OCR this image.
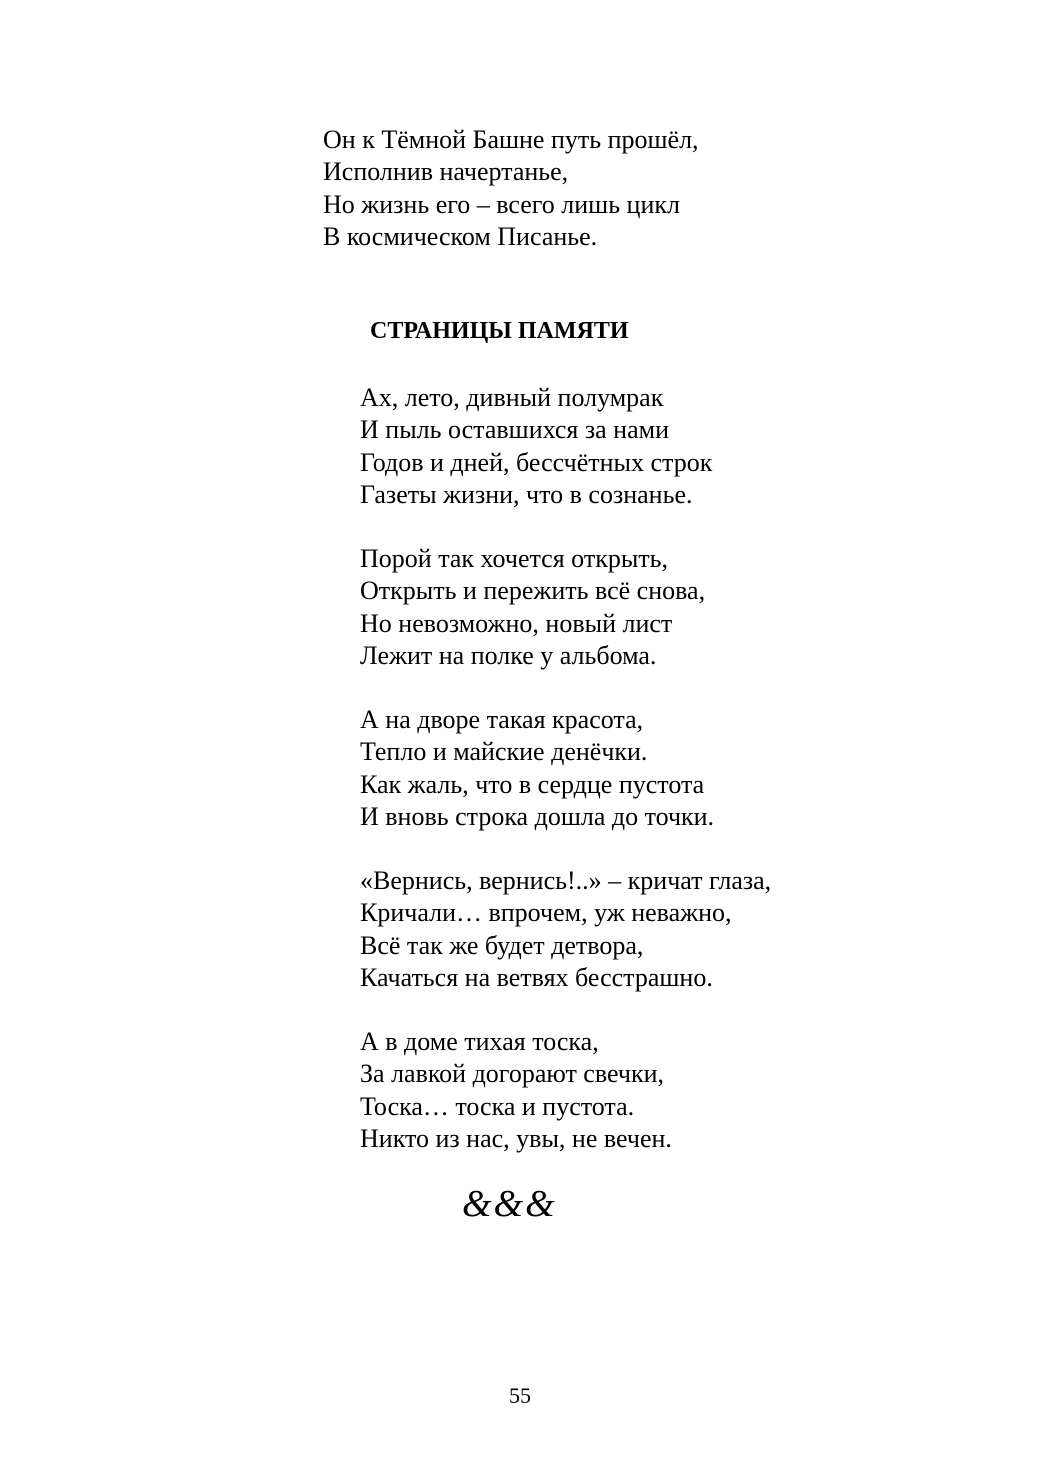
Он к Тёмной Башне путь прошёл,
Исполнив начертанье,
Но жизнь его – всего лишь цикл
В космическом Писанье.
СТРАНИЦЫ ПАМЯТИ
Ах, лето, дивный полумрак
И пыль оставшихся за нами
Годов и дней, бессчётных строк
Газеты жизни, что в сознанье.
Порой так хочется открыть,
Открыть и пережить всё снова,
Но невозможно, новый лист
Лежит на полке у альбома.
А на дворе такая красота,
Тепло и майские денёчки.
Как жаль, что в сердце пустота
И вновь строка дошла до точки.
«Вернись, вернись!..» – кричат глаза,
Кричали… впрочем, уж неважно,
Всё так же будет детвора,
Качаться на ветвях бесстрашно.
А в доме тихая тоска,
За лавкой догорают свечки,
Тоска… тоска и пустота.
Никто из нас, увы, не вечен.
&&&
55
